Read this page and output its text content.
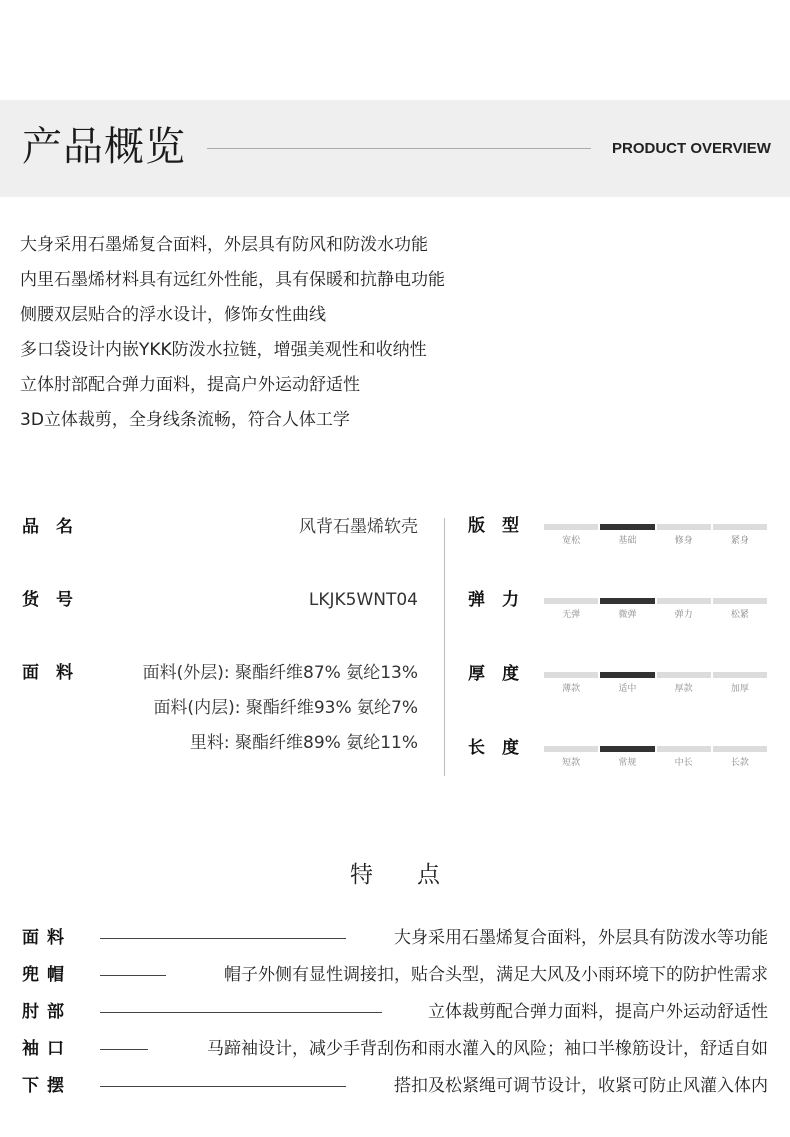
产品概览	PRODUCT OVERVIEW
大身采用石墨烯复合面料，外层具有防风和防泼水功能
内里石墨烯材料具有远红外性能，具有保暖和抗静电功能
侧腰双层贴合的浮水设计，修饰女性曲线
多口袋设计内嵌YKK防泼水拉链，增强美观性和收纳性
立体肘部配合弹力面料，提高户外运动舒适性
3D立体裁剪，全身线条流畅，符合人体工学
品　名	风背石墨烯软壳
货　号	LKJK5WNT04
面　料	面料(外层): 聚酯纤维87% 氨纶13%
面料(内层): 聚酯纤维93% 氨纶7%
里料: 聚酯纤维89% 氨纶11%
版　型
宽松	基础	修身	紧身
弹　力
无弹	微弹	弹力	松紧
厚　度
薄款	适中	厚款	加厚
长　度
短款	常规	中长	长款
特点
面料	大身采用石墨烯复合面料，外层具有防泼水等功能
兜帽	帽子外侧有显性调接扣，贴合头型，满足大风及小雨环境下的防护性需求
肘部	立体裁剪配合弹力面料，提高户外运动舒适性
袖口	马蹄袖设计，减少手背刮伤和雨水灌入的风险；袖口半橡筋设计，舒适自如
下摆	搭扣及松紧绳可调节设计，收紧可防止风灌入体内
